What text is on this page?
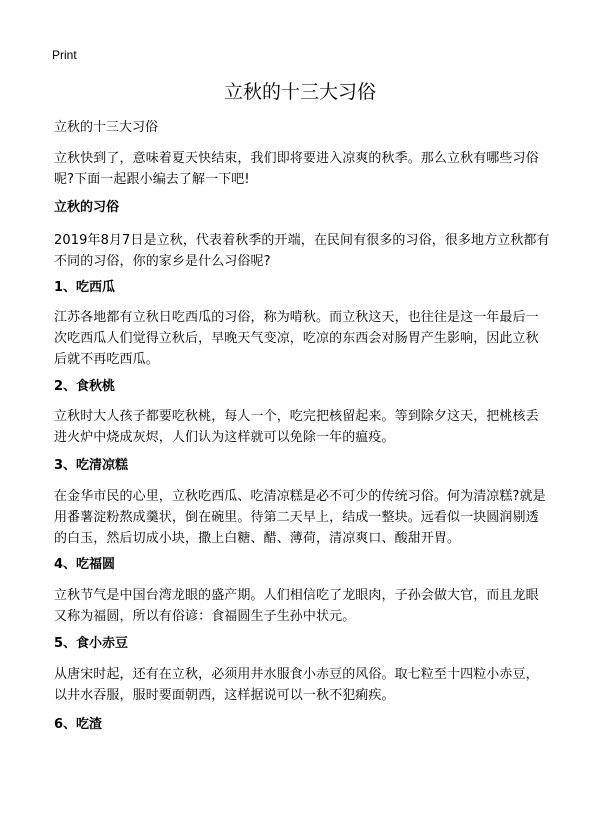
Print
立秋的十三大习俗

立秋的十三大习俗

立秋快到了，意味着夏天快结束，我们即将要进入凉爽的秋季。那么立秋有哪些习俗呢?下面一起跟小编去了解一下吧!

立秋的习俗

2019年8月7日是立秋，代表着秋季的开端，在民间有很多的习俗，很多地方立秋都有不同的习俗，你的家乡是什么习俗呢?

1、吃西瓜

江苏各地都有立秋日吃西瓜的习俗，称为啃秋。而立秋这天，也往往是这一年最后一次吃西瓜人们觉得立秋后，早晚天气变凉，吃凉的东西会对肠胃产生影响，因此立秋后就不再吃西瓜。

2、食秋桃

立秋时大人孩子都要吃秋桃，每人一个，吃完把核留起来。等到除夕这天，把桃核丢进火炉中烧成灰烬，人们认为这样就可以免除一年的瘟疫。

3、吃清凉糕

在金华市民的心里，立秋吃西瓜、吃清凉糕是必不可少的传统习俗。何为清凉糕?就是用番薯淀粉熬成羹状，倒在碗里。待第二天早上，结成一整块。远看似一块圆润剔透的白玉，然后切成小块，撒上白糖、醋、薄荷，清凉爽口、酸甜开胃。

4、吃福圆

立秋节气是中国台湾龙眼的盛产期。人们相信吃了龙眼肉，子孙会做大官，而且龙眼又称为福圆，所以有俗谚：食福圆生子生孙中状元。

5、食小赤豆

从唐宋时起，还有在立秋，必须用井水服食小赤豆的风俗。取七粒至十四粒小赤豆，以井水吞服，服时要面朝西，这样据说可以一秋不犯痢疾。

6、吃渣
